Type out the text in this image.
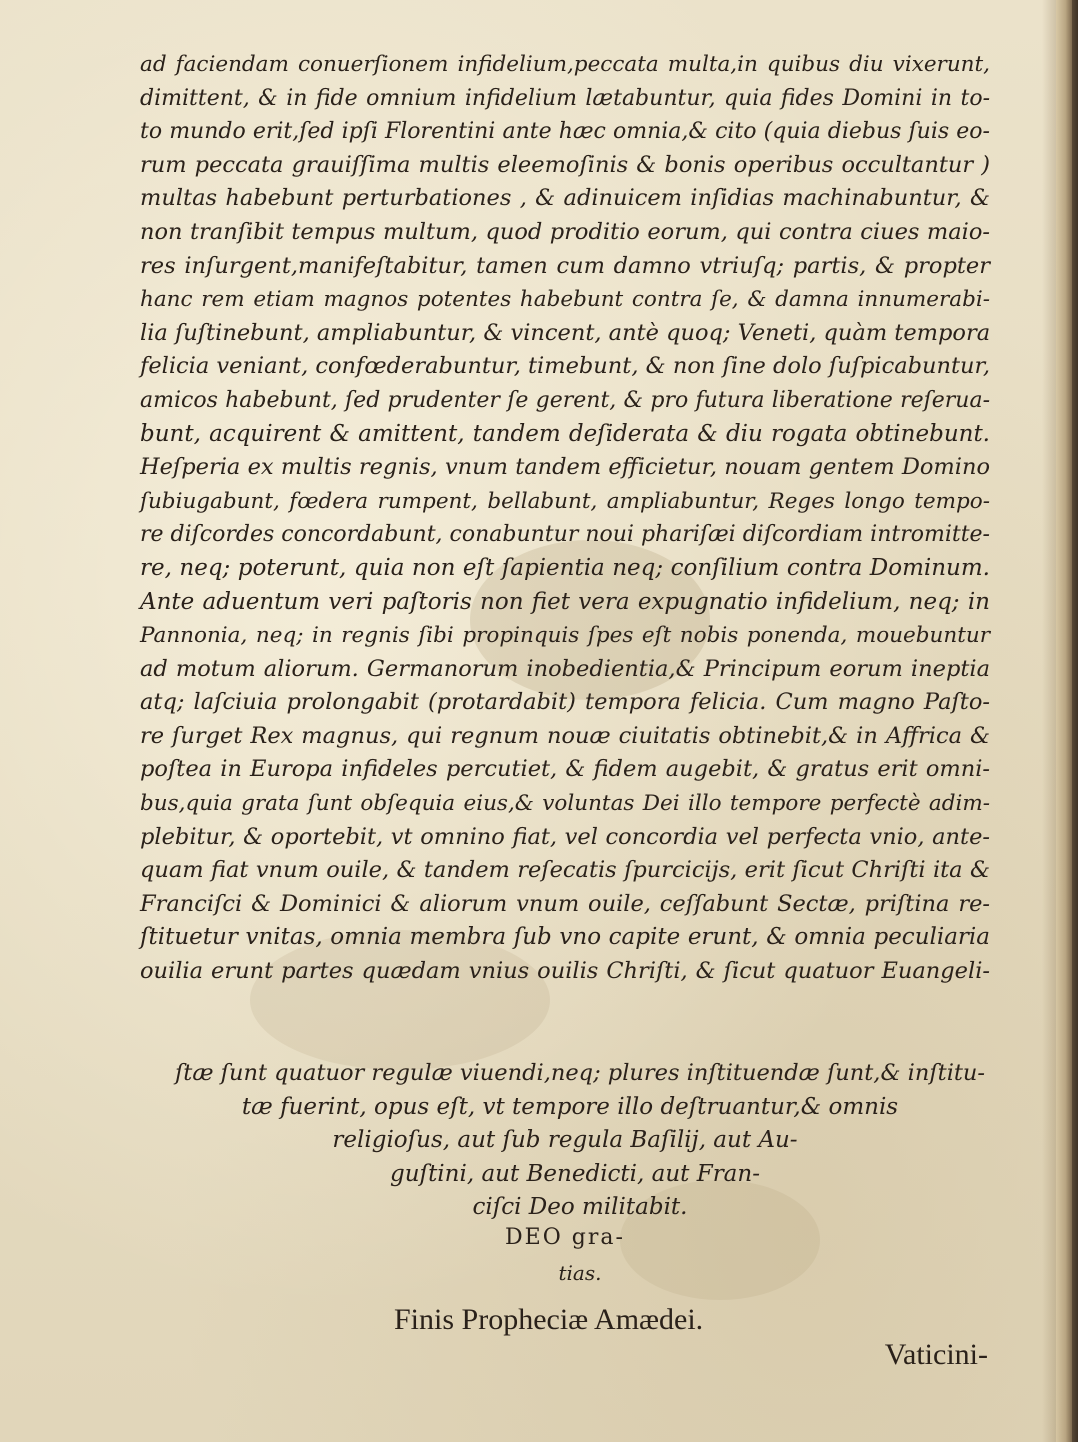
ad faciendam conuerſionem infidelium,peccata multa,in quibus diu vixerunt,
dimittent, & in fide omnium infidelium lætabuntur, quia fides Domini in to-
to mundo erit,ſed ipſi Florentini ante hæc omnia,& cito (quia diebus ſuis eo-
rum peccata grauiſſima multis eleemoſinis & bonis operibus occultantur )
multas habebunt perturbationes , & adinuicem inſidias machinabuntur, &
non tranſibit tempus multum, quod proditio eorum, qui contra ciues maio-
res inſurgent,manifeſtabitur, tamen cum damno vtriuſq; partis, & propter
hanc rem etiam magnos potentes habebunt contra ſe, & damna innumerabi-
lia ſuſtinebunt, ampliabuntur, & vincent, antè quoq; Veneti, quàm tempora
felicia veniant, confœderabuntur, timebunt, & non ſine dolo ſuſpicabuntur,
amicos habebunt, ſed prudenter ſe gerent, & pro futura liberatione reſerua-
bunt, acquirent & amittent, tandem deſiderata & diu rogata obtinebunt.
Heſperia ex multis regnis, vnum tandem efficietur, nouam gentem Domino
ſubiugabunt, fœdera rumpent, bellabunt, ampliabuntur, Reges longo tempo-
re diſcordes concordabunt, conabuntur noui phariſæi diſcordiam intromitte-
re, neq; poterunt, quia non eſt ſapientia neq; conſilium contra Dominum.
Ante aduentum veri paſtoris non fiet vera expugnatio infidelium, neq; in
Pannonia, neq; in regnis ſibi propinquis ſpes eſt nobis ponenda, mouebuntur
ad motum aliorum. Germanorum inobedientia,& Principum eorum ineptia
atq; laſciuia prolongabit (protardabit) tempora felicia. Cum magno Paſto-
re ſurget Rex magnus, qui regnum nouæ ciuitatis obtinebit,& in Affrica &
poſtea in Europa infideles percutiet, & fidem augebit, & gratus erit omni-
bus,quia grata ſunt obſequia eius,& voluntas Dei illo tempore perfectè adim-
plebitur, & oportebit, vt omnino fiat, vel concordia vel perfecta vnio, ante-
quam fiat vnum ouile, & tandem reſecatis ſpurcicijs, erit ſicut Chriſti ita &
Franciſci & Dominici & aliorum vnum ouile, ceſſabunt Sectæ, priſtina re-
ſtituetur vnitas, omnia membra ſub vno capite erunt, & omnia peculiaria
ouilia erunt partes quædam vnius ouilis Chriſti, & ſicut quatuor Euangeli-
ſtæ ſunt quatuor regulæ viuendi,neq; plures inſtituendæ ſunt,& inſtitu-
tæ fuerint, opus eſt, vt tempore illo deſtruantur,& omnis
religioſus, aut ſub regula Baſilij, aut Au-
guſtini, aut Benedicti, aut Fran-
ciſci Deo militabit.
DEO gra-
tias.
Finis Propheciæ Amædei.
Vaticini-
